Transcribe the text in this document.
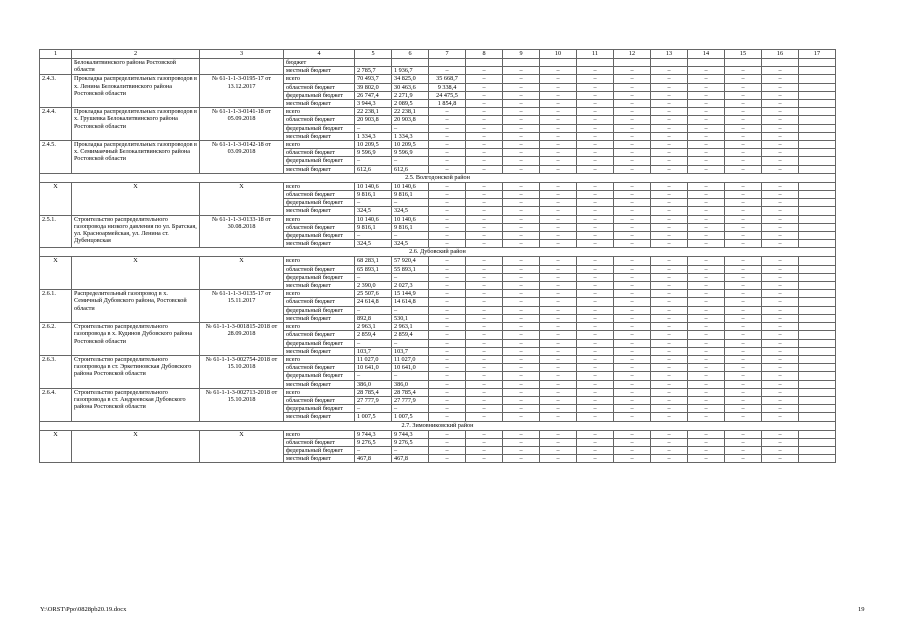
1	2	3	4	5	6	7	8	9	10	11	12	13	14	15	16	17
	Белокалитвинского района Ростовской области		бюджет													
			местный бюджет	2 785,7	1 936,7	–	–	–	–	–	–	–	–	–	–	
2.4.3.	Прокладка распределительных газопроводов в х. Ленина Белокалитвинского района Ростовской области	№ 61-1-1-3-0195-17 от 13.12.2017	всего	70 493,7	34 825,0	35 668,7	–	–	–	–	–	–	–	–	–	
			областной бюджет	39 802,0	30 463,6	9 338,4	–	–	–	–	–	–	–	–	–	
			федеральный бюджет	26 747,4	2 271,9	24 475,5	–	–	–	–	–	–	–	–	–	
			местный бюджет	3 944,3	2 089,5	1 854,8	–	–	–	–	–	–	–	–	–	
2.4.4.	Прокладка распределительных газопроводов в х. Грушевка Белокалитвинского района Ростовской области	№ 61-1-1-3-0141-18 от 05.09.2018	всего	22 238,1	22 238,1	–	–	–	–	–	–	–	–	–	–	
			областной бюджет	20 903,8	20 903,8	–	–	–	–	–	–	–	–	–	–	
			федеральный бюджет	–	–	–	–	–	–	–	–	–	–	–	–	
			местный бюджет	1 334,3	1 334,3	–	–	–	–	–	–	–	–	–	–	
2.4.5.	Прокладка распределительных газопроводов в х. Семимаячный Белокалитвинского района Ростовской области	№ 61-1-1-3-0142-18 от 03.09.2018	всего	10 209,5	10 209,5	–	–	–	–	–	–	–	–	–	–	
			областной бюджет	9 596,9	9 596,9	–	–	–	–	–	–	–	–	–	–	
			федеральный бюджет	–	–	–	–	–	–	–	–	–	–	–	–	
			местный бюджет	612,6	612,6	–	–	–	–	–	–	–	–	–	–	
2.5. Волгодонской район																
X	X	X	всего	10 140,6	10 140,6	–	–	–	–	–	–	–	–	–	–	
			областной бюджет	9 816,1	9 816,1	–	–	–	–	–	–	–	–	–	–	
			федеральный бюджет	–	–	–	–	–	–	–	–	–	–	–	–	
			местный бюджет	324,5	324,5	–	–	–	–	–	–	–	–	–	–	
2.5.1.	Строительство распределительного газопровода низкого давления по ул. Братская, ул. Красноармейская, ул. Ленина ст. Дубенцовская	№ 61-1-1-3-0133-18 от 30.08.2018	всего	10 140,6	10 140,6	–	–	–	–	–	–	–	–	–	–	
			областной бюджет	9 816,1	9 816,1	–	–	–	–	–	–	–	–	–	–	
			федеральный бюджет	–	–	–	–	–	–	–	–	–	–	–	–	
			местный бюджет	324,5	324,5	–	–	–	–	–	–	–	–	–	–	
2.6. Дубовский район																
X	X	X	всего	68 283,1	57 920,4	–	–	–	–	–	–	–	–	–	–	
			областной бюджет	65 893,1	55 893,1	–	–	–	–	–	–	–	–	–	–	
			федеральный бюджет	–	–	–	–	–	–	–	–	–	–	–	–	
			местный бюджет	2 390,0	2 027,3	–	–	–	–	–	–	–	–	–	–	
2.6.1.	Распределительный газопровод в х. Семичный Дубовского района, Ростовской области	№ 61-1-1-3-0135-17 от 15.11.2017	всего	25 507,6	15 144,9	–	–	–	–	–	–	–	–	–	–	
			областной бюджет	24 614,8	14 614,8	–	–	–	–	–	–	–	–	–	–	
			федеральный бюджет	–	–	–	–	–	–	–	–	–	–	–	–	
			местный бюджет	892,8	530,1	–	–	–	–	–	–	–	–	–	–	
2.6.2.	Строительство распределительного газопровода в х. Кудинов Дубовского района Ростовской области	№ 61-1-1-3-001815-2018 от 28.09.2018	всего	2 963,1	2 963,1	–	–	–	–	–	–	–	–	–	–	
			областной бюджет	2 859,4	2 859,4	–	–	–	–	–	–	–	–	–	–	
			федеральный бюджет	–	–	–	–	–	–	–	–	–	–	–	–	
			местный бюджет	103,7	103,7	–	–	–	–	–	–	–	–	–	–	
2.6.3.	Строительство распределительного газопровода в ст. Эркетиновская Дубовского района Ростовской области	№ 61-1-1-3-002754-2018 от 15.10.2018	всего	11 027,0	11 027,0	–	–	–	–	–	–	–	–	–	–	
			областной бюджет	10 641,0	10 641,0	–	–	–	–	–	–	–	–	–	–	
			федеральный бюджет	–	–	–	–	–	–	–	–	–	–	–	–	
			местный бюджет	386,0	386,0	–	–	–	–	–	–	–	–	–	–	
2.6.4.	Строительство распределительного газопровода в ст. Андреевская Дубовского района Ростовской области	№ 61-1-1-3-002713-2018 от 15.10.2018	всего	28 785,4	28 785,4	–	–	–	–	–	–	–	–	–	–	
			областной бюджет	27 777,9	27 777,9	–	–	–	–	–	–	–	–	–	–	
			федеральный бюджет	–	–	–	–	–	–	–	–	–	–	–	–	
			местный бюджет	1 007,5	1 007,5	–	–	–	–	–	–	–	–	–	–	
2.7. Зимовниковский район																
X	X	X	всего	9 744,3	9 744,3	–	–	–	–	–	–	–	–	–	–	
			областной бюджет	9 276,5	9 276,5	–	–	–	–	–	–	–	–	–	–	
			федеральный бюджет	–	–	–	–	–	–	–	–	–	–	–	–	
			местный бюджет	467,8	467,8	–	–	–	–	–	–	–	–	–	–	
Y:\ORST\Ppo\0828pb20.19.docx	19
